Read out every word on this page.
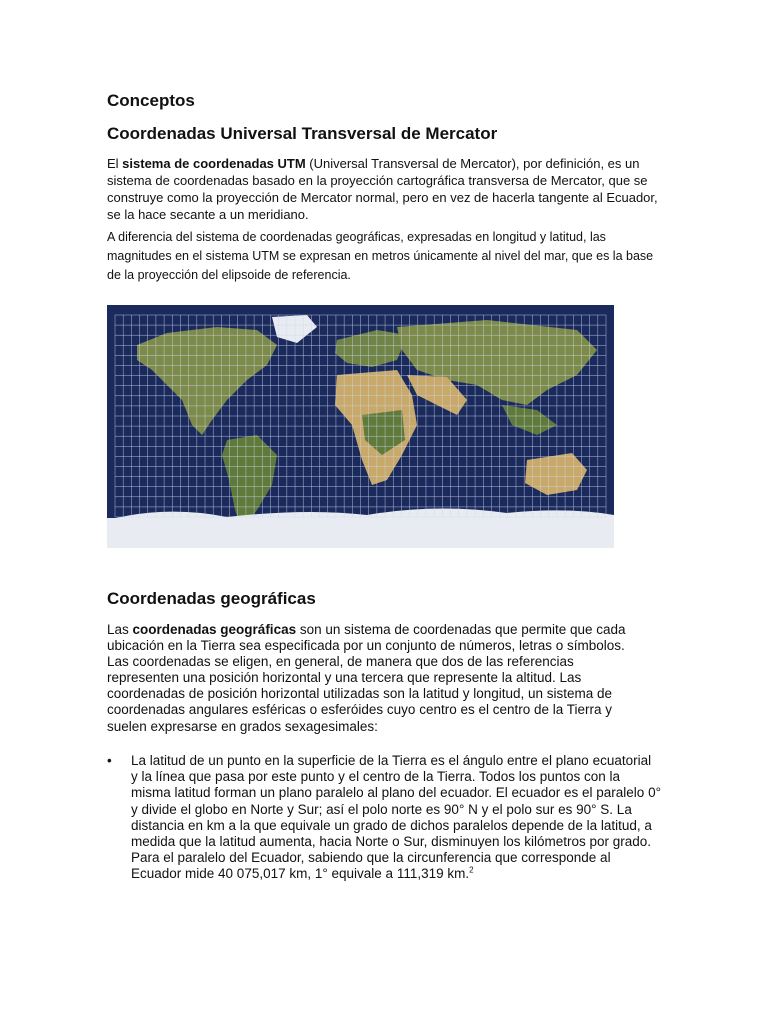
Conceptos
Coordenadas Universal Transversal de Mercator

El sistema de coordenadas UTM (Universal Transversal de Mercator), por definición, es un sistema de coordenadas basado en la proyección cartográfica transversa de Mercator, que se construye como la proyección de Mercator normal, pero en vez de hacerla tangente al Ecuador, se la hace secante a un meridiano.

A diferencia del sistema de coordenadas geográficas, expresadas en longitud y latitud, las magnitudes en el sistema UTM se expresan en metros únicamente al nivel del mar, que es la base de la proyección del elipsoide de referencia.

Coordenadas geográficas

Las coordenadas geográficas son un sistema de coordenadas que permite que cada ubicación en la Tierra sea especificada por un conjunto de números, letras o símbolos. Las coordenadas se eligen, en general, de manera que dos de las referencias representen una posición horizontal y una tercera que represente la altitud. Las coordenadas de posición horizontal utilizadas son la latitud y longitud, un sistema de coordenadas angulares esféricas o esferóides cuyo centro es el centro de la Tierra y suelen expresarse en grados sexagesimales:

• La latitud de un punto en la superficie de la Tierra es el ángulo entre el plano ecuatorial y la línea que pasa por este punto y el centro de la Tierra. Todos los puntos con la misma latitud forman un plano paralelo al plano del ecuador. El ecuador es el paralelo 0° y divide el globo en Norte y Sur; así el polo norte es 90° N y el polo sur es 90° S. La distancia en km a la que equivale un grado de dichos paralelos depende de la latitud, a medida que la latitud aumenta, hacia Norte o Sur, disminuyen los kilómetros por grado. Para el paralelo del Ecuador, sabiendo que la circunferencia que corresponde al Ecuador mide 40 075,017 km, 1° equivale a 111,319 km.$^2$
